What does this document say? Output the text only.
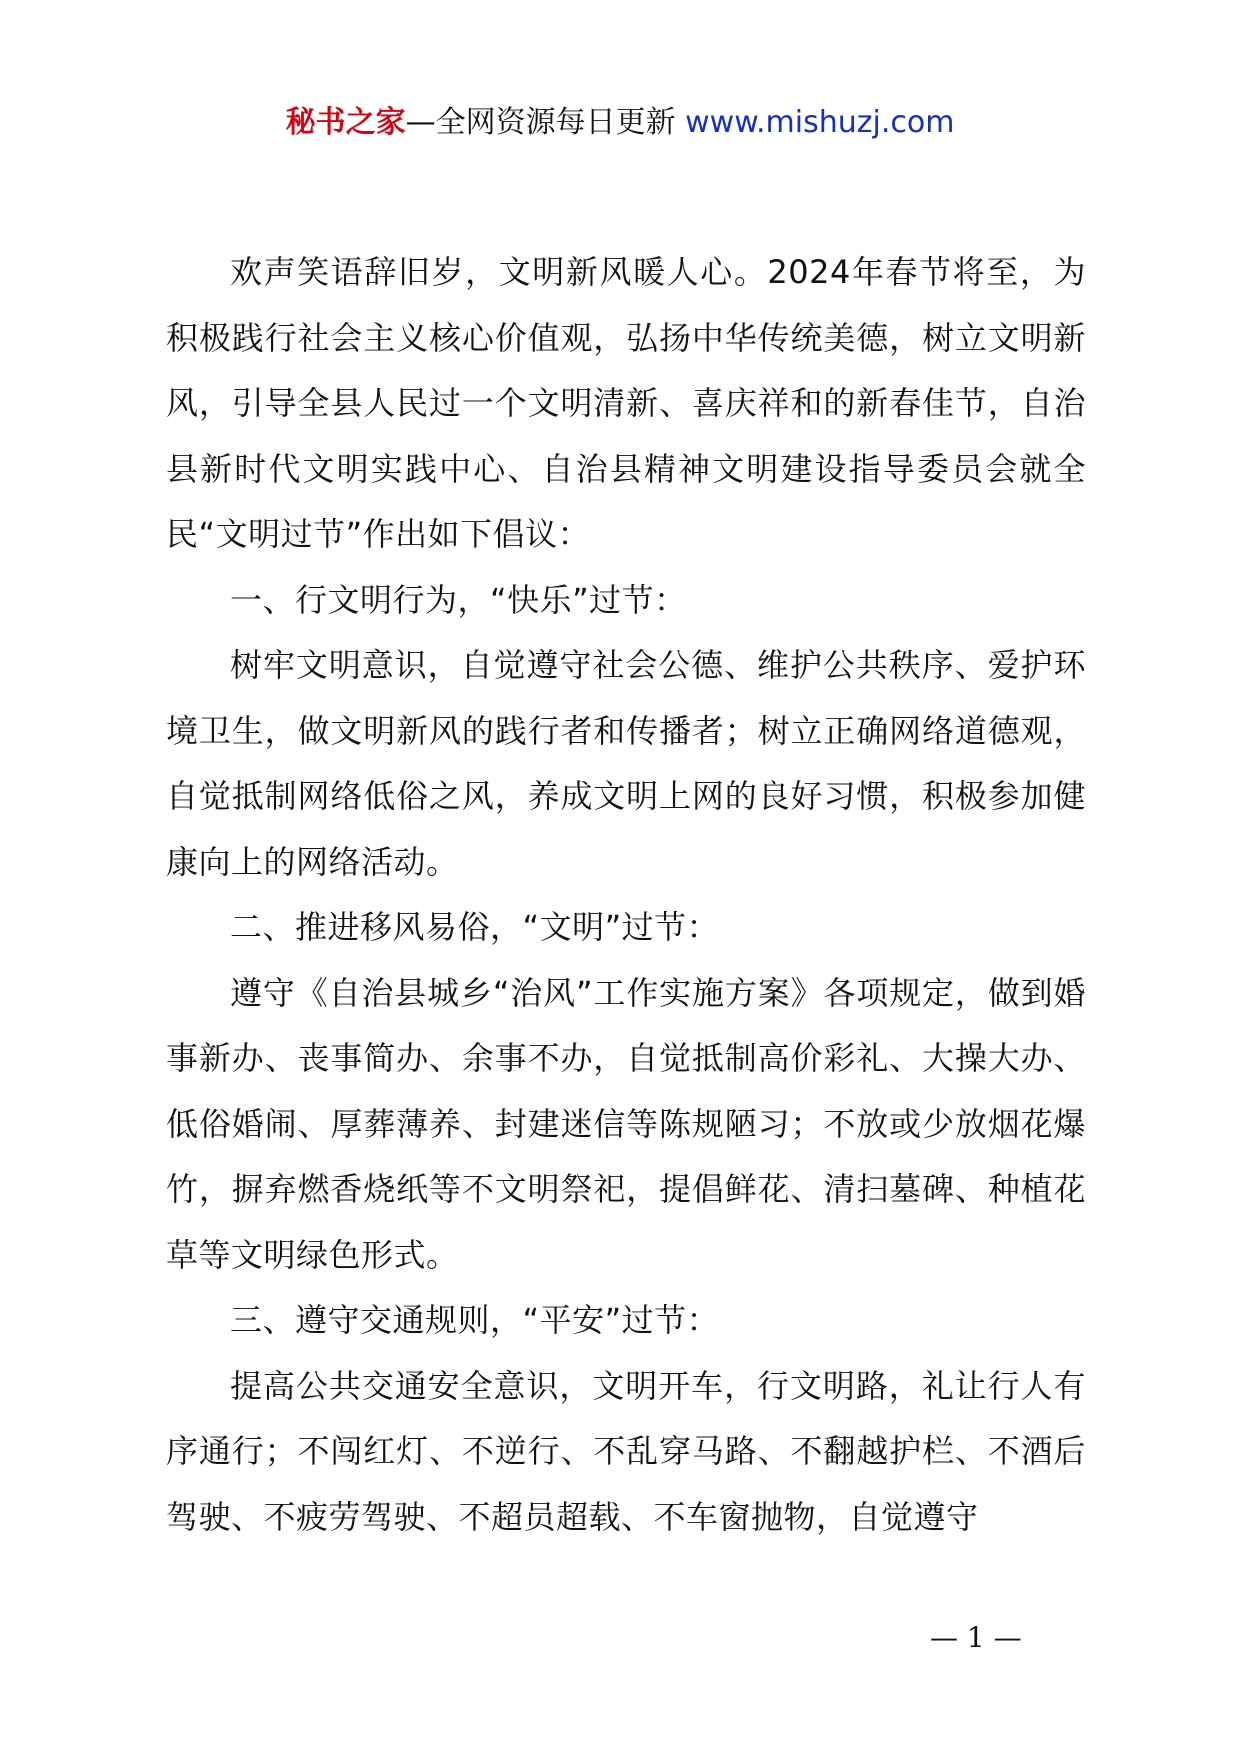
秘书之家—全网资源每日更新 www.mishuzj.com

欢声笑语辞旧岁，文明新风暖人心。2024年春节将至，为积极践行社会主义核心价值观，弘扬中华传统美德，树立文明新风，引导全县人民过一个文明清新、喜庆祥和的新春佳节，自治县新时代文明实践中心、自治县精神文明建设指导委员会就全民“文明过节”作出如下倡议：

一、行文明行为，“快乐”过节：

树牢文明意识，自觉遵守社会公德、维护公共秩序、爱护环境卫生，做文明新风的践行者和传播者；树立正确网络道德观，自觉抵制网络低俗之风，养成文明上网的良好习惯，积极参加健康向上的网络活动。

二、推进移风易俗，“文明”过节：

遵守《自治县城乡“治风”工作实施方案》各项规定，做到婚事新办、丧事简办、余事不办，自觉抵制高价彩礼、大操大办、低俗婚闹、厚葬薄养、封建迷信等陈规陋习；不放或少放烟花爆竹，摒弃燃香烧纸等不文明祭祀，提倡鲜花、清扫墓碑、种植花草等文明绿色形式。

三、遵守交通规则，“平安”过节：

提高公共交通安全意识，文明开车，行文明路，礼让行人有序通行；不闯红灯、不逆行、不乱穿马路、不翻越护栏、不酒后驾驶、不疲劳驾驶、不超员超载、不车窗抛物，自觉遵守

— 1 —
